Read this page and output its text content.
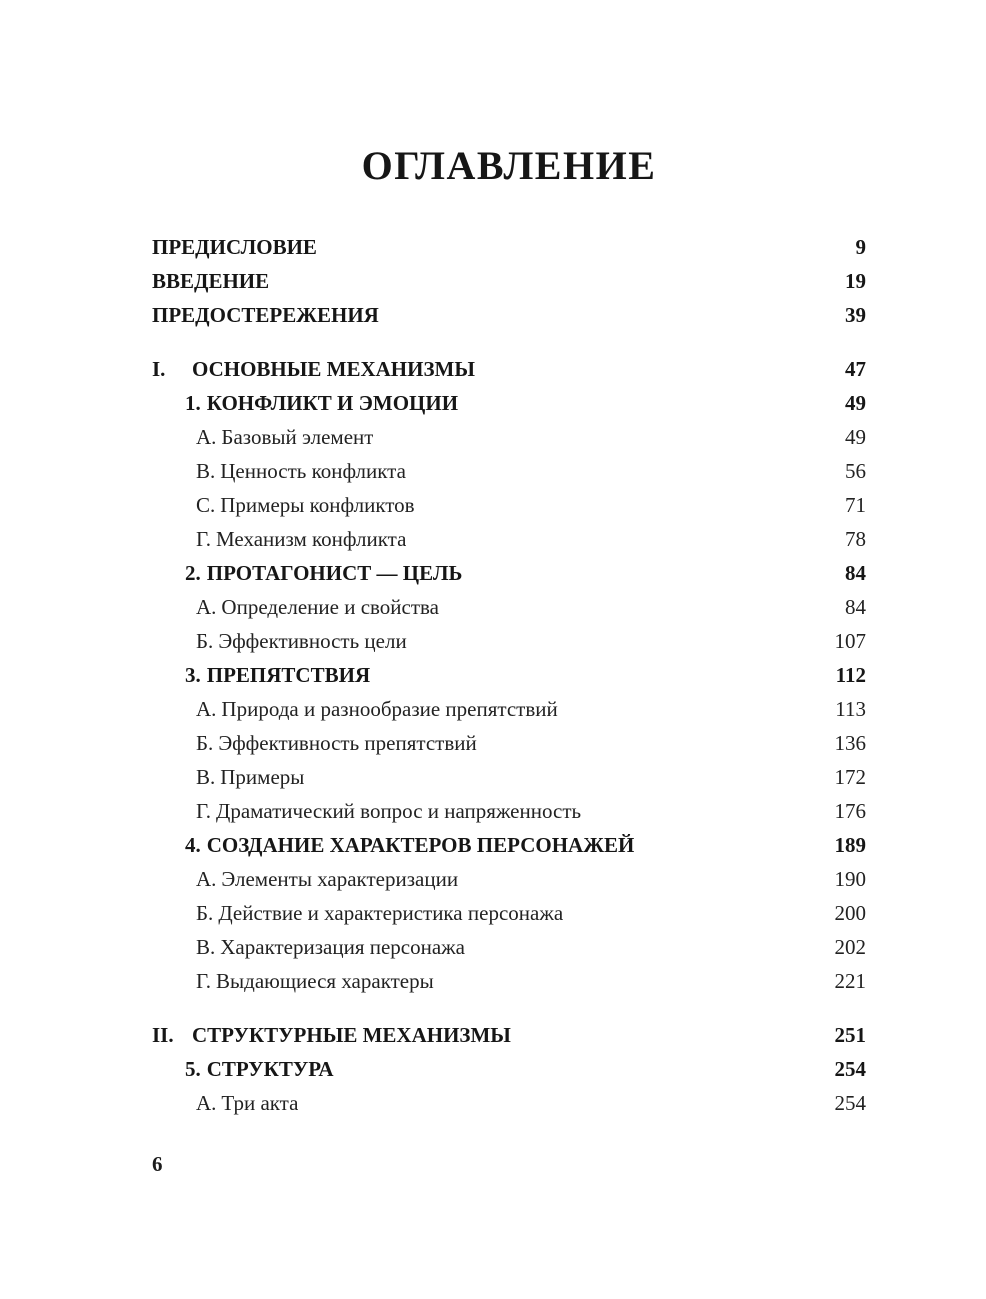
ОГЛАВЛЕНИЕ
ПРЕДИСЛОВИЕ	9
ВВЕДЕНИЕ	19
ПРЕДОСТЕРЕЖЕНИЯ	39
I.	ОСНОВНЫЕ МЕХАНИЗМЫ	47
1. КОНФЛИКТ И ЭМОЦИИ	49
А. Базовый элемент	49
В. Ценность конфликта	56
С. Примеры конфликтов	71
Г. Механизм конфликта	78
2. ПРОТАГОНИСТ — ЦЕЛЬ	84
А. Определение и свойства	84
Б. Эффективность цели	107
3. ПРЕПЯТСТВИЯ	112
А. Природа и разнообразие препятствий	113
Б. Эффективность препятствий	136
В. Примеры	172
Г. Драматический вопрос и напряженность	176
4. СОЗДАНИЕ ХАРАКТЕРОВ ПЕРСОНАЖЕЙ	189
А. Элементы характеризации	190
Б. Действие и характеристика персонажа	200
В. Характеризация персонажа	202
Г. Выдающиеся характеры	221
II. СТРУКТУРНЫЕ МЕХАНИЗМЫ	251
5. СТРУКТУРА	254
А. Три акта	254
6
